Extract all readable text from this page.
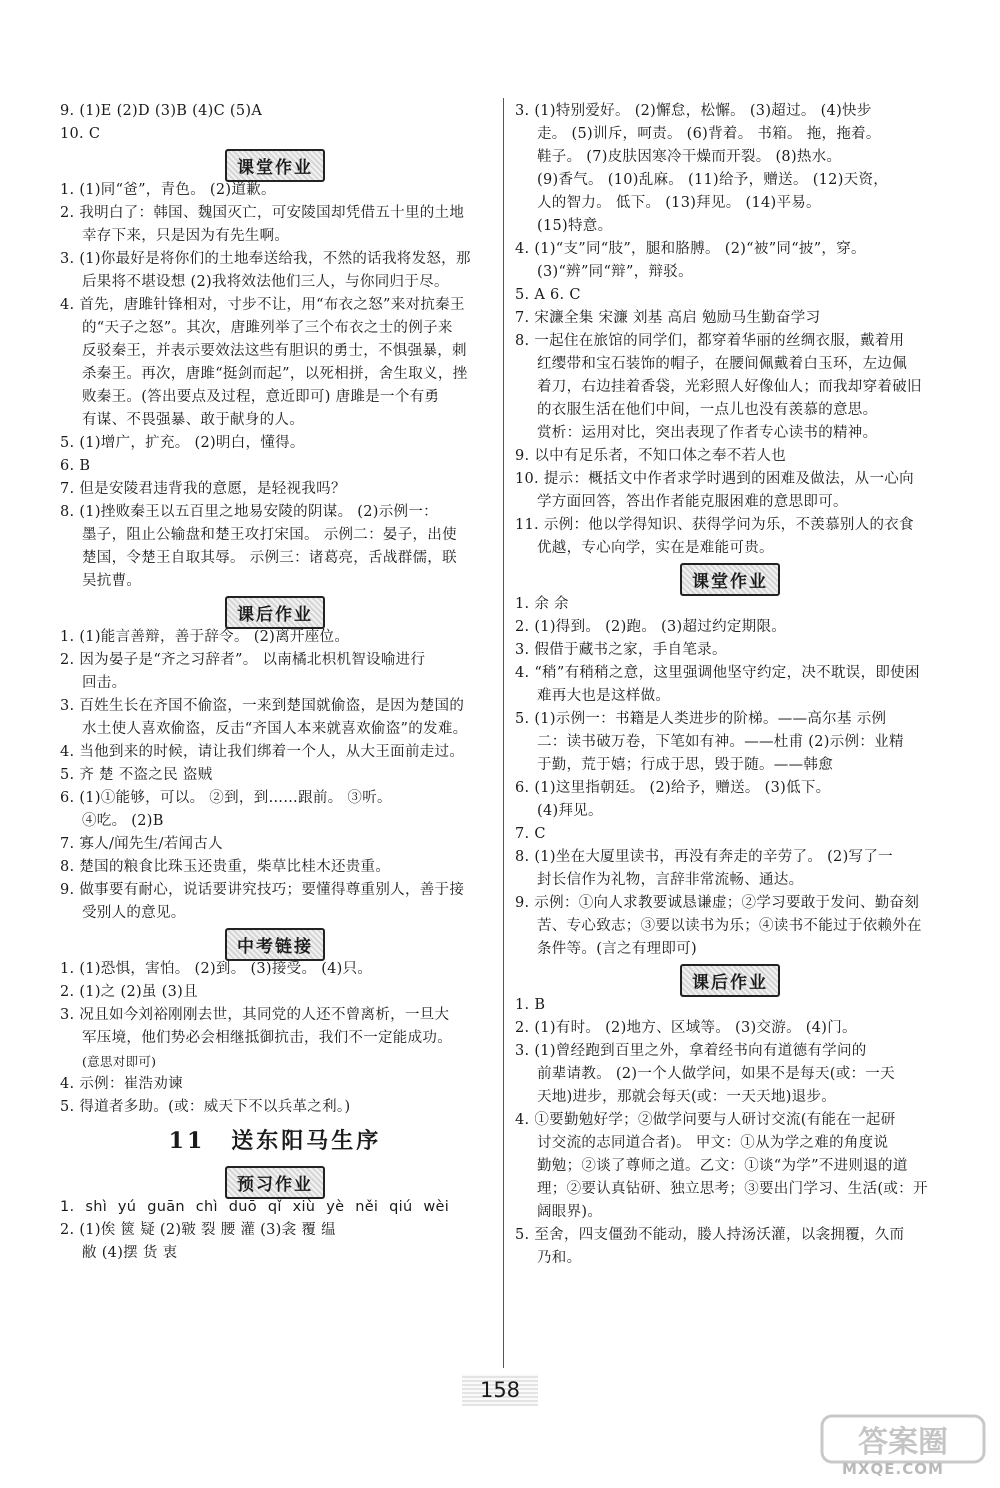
9. (1)E (2)D (3)B (4)C (5)A
10. C
课堂作业
1. (1)同“爸”，青色。 (2)道歉。
2. 我明白了：韩国、魏国灭亡，可安陵国却凭借五十里的土地
幸存下来，只是因为有先生啊。
3. (1)你最好是将你们的土地奉送给我，不然的话我将发怒，那
后果将不堪设想 (2)我将效法他们三人，与你同归于尽。
4. 首先，唐雎针锋相对，寸步不让，用“布衣之怒”来对抗秦王
的“天子之怒”。其次，唐雎列举了三个布衣之士的例子来
反驳秦王，并表示要效法这些有胆识的勇士，不惧强暴，刺
杀秦王。再次，唐雎“挺剑而起”，以死相拼，舍生取义，挫
败秦王。(答出要点及过程，意近即可) 唐雎是一个有勇
有谋、不畏强暴、敢于献身的人。
5. (1)增广，扩充。 (2)明白，懂得。
6. B
7. 但是安陵君违背我的意愿，是轻视我吗？
8. (1)挫败秦王以五百里之地易安陵的阴谋。 (2)示例一：
墨子，阻止公输盘和楚王攻打宋国。 示例二：晏子，出使
楚国，令楚王自取其辱。 示例三：诸葛亮，舌战群儒，联
吴抗曹。
课后作业
1. (1)能言善辩，善于辞令。 (2)离开座位。
2. 因为晏子是“齐之习辞者”。 以南橘北枳机智设喻进行
回击。
3. 百姓生长在齐国不偷盗，一来到楚国就偷盗，是因为楚国的
水土使人喜欢偷盗，反击“齐国人本来就喜欢偷盗”的发难。
4. 当他到来的时候，请让我们绑着一个人，从大王面前走过。
5. 齐 楚 不盗之民 盗贼
6. (1)①能够，可以。 ②到，到……跟前。 ③听。
④吃。 (2)B
7. 寡人/闻先生/若闻古人
8. 楚国的粮食比珠玉还贵重，柴草比桂木还贵重。
9. 做事要有耐心，说话要讲究技巧；要懂得尊重别人，善于接
受别人的意见。
中考链接
1. (1)恐惧，害怕。 (2)到。 (3)接受。 (4)只。
2. (1)之 (2)虽 (3)且
3. 况且如今刘裕刚刚去世，其同党的人还不曾离析，一旦大
军压境，他们势必会相继抵御抗击，我们不一定能成功。
(意思对即可)
4. 示例：崔浩劝谏
5. 得道者多助。(或：威天下不以兵革之利。)
11 送东阳马生序
预习作业
1. shì yú guān chì duō qǐ xiù yè něi qiú wèi
2. (1)俟 篋 疑 (2)皲 裂 腰 灌 (3)衾 覆 缊
敝 (4)摆 货 衷
3. (1)特别爱好。 (2)懈怠，松懈。 (3)超过。 (4)快步
走。 (5)训斥，呵责。 (6)背着。 书箱。 拖，拖着。
鞋子。 (7)皮肤因寒冷干燥而开裂。 (8)热水。
(9)香气。 (10)乱麻。 (11)给予，赠送。 (12)天资，
人的智力。 低下。 (13)拜见。 (14)平易。
(15)特意。
4. (1)“支”同“肢”，腿和胳膊。 (2)“被”同“披”，穿。
(3)“辨”同“辩”，辩驳。
5. A 6. C
7. 宋濂全集 宋濂 刘基 高启 勉励马生勤奋学习
8. 一起住在旅馆的同学们，都穿着华丽的丝绸衣服，戴着用
红缨带和宝石装饰的帽子，在腰间佩戴着白玉环，左边佩
着刀，右边挂着香袋，光彩照人好像仙人；而我却穿着破旧
的衣服生活在他们中间，一点儿也没有羡慕的意思。
赏析：运用对比，突出表现了作者专心读书的精神。
9. 以中有足乐者，不知口体之奉不若人也
10. 提示：概括文中作者求学时遇到的困难及做法，从一心向
学方面回答，答出作者能克服困难的意思即可。
11. 示例：他以学得知识、获得学问为乐，不羡慕别人的衣食
优越，专心向学，实在是难能可贵。
课堂作业
1. 余 余
2. (1)得到。 (2)跑。 (3)超过约定期限。
3. 假借于藏书之家，手自笔录。
4. “稍”有稍稍之意，这里强调他坚守约定，决不耽误，即使困
难再大也是这样做。
5. (1)示例一：书籍是人类进步的阶梯。——高尔基 示例
二：读书破万卷，下笔如有神。——杜甫 (2)示例：业精
于勤，荒于嬉；行成于思，毁于随。——韩愈
6. (1)这里指朝廷。 (2)给予，赠送。 (3)低下。
(4)拜见。
7. C
8. (1)坐在大厦里读书，再没有奔走的辛劳了。 (2)写了一
封长信作为礼物，言辞非常流畅、通达。
9. 示例：①向人求教要诚恳谦虚；②学习要敢于发问、勤奋刻
苦、专心致志；③要以读书为乐；④读书不能过于依赖外在
条件等。(言之有理即可)
课后作业
1. B
2. (1)有时。 (2)地方、区域等。 (3)交游。 (4)门。
3. (1)曾经跑到百里之外，拿着经书向有道德有学问的
前辈请教。 (2)一个人做学问，如果不是每天(或：一天
天地)进步，那就会每天(或：一天天地)退步。
4. ①要勤勉好学；②做学问要与人研讨交流(有能在一起研
讨交流的志同道合者)。 甲文：①从为学之难的角度说
勤勉；②谈了尊师之道。乙文：①谈“为学”不进则退的道
理；②要认真钻研、独立思考；③要出门学习、生活(或：开
阔眼界)。
5. 至舍，四支僵劲不能动，媵人持汤沃灌，以衾拥覆，久而
乃和。
158
答案圈
MXQE.COM
